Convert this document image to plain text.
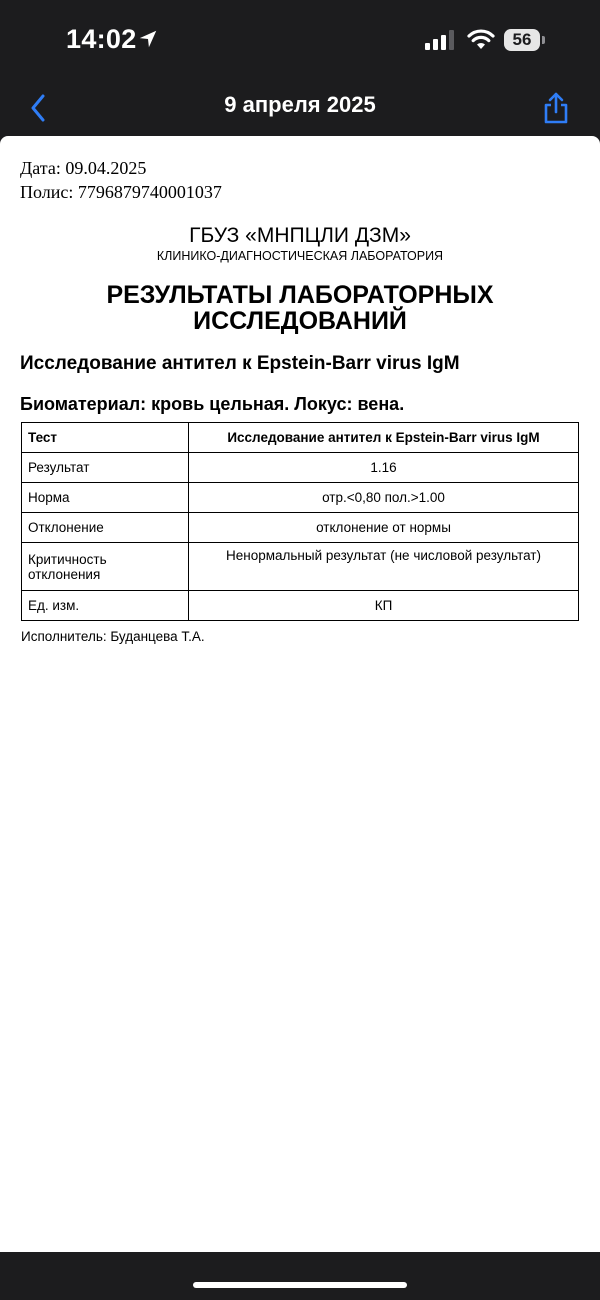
14:02	56
9 апреля 2025
Дата: 09.04.2025
Полис: 7796879740001037
ГБУЗ «МНПЦЛИ ДЗМ»
КЛИНИКО-ДИАГНОСТИЧЕСКАЯ ЛАБОРАТОРИЯ
РЕЗУЛЬТАТЫ ЛАБОРАТОРНЫХ
ИССЛЕДОВАНИЙ
Исследование антител к Epstein-Barr virus IgM
Биоматериал: кровь цельная. Локус: вена.
Тест	Исследование антител к Epstein-Barr virus IgM
Результат	1.16
Норма	отр.<0,80 пол.>1.00
Отклонение	отклонение от нормы
Критичность отклонения	Ненормальный результат (не числовой результат)
Ед. изм.	КП
Исполнитель: Буданцева Т.А.
